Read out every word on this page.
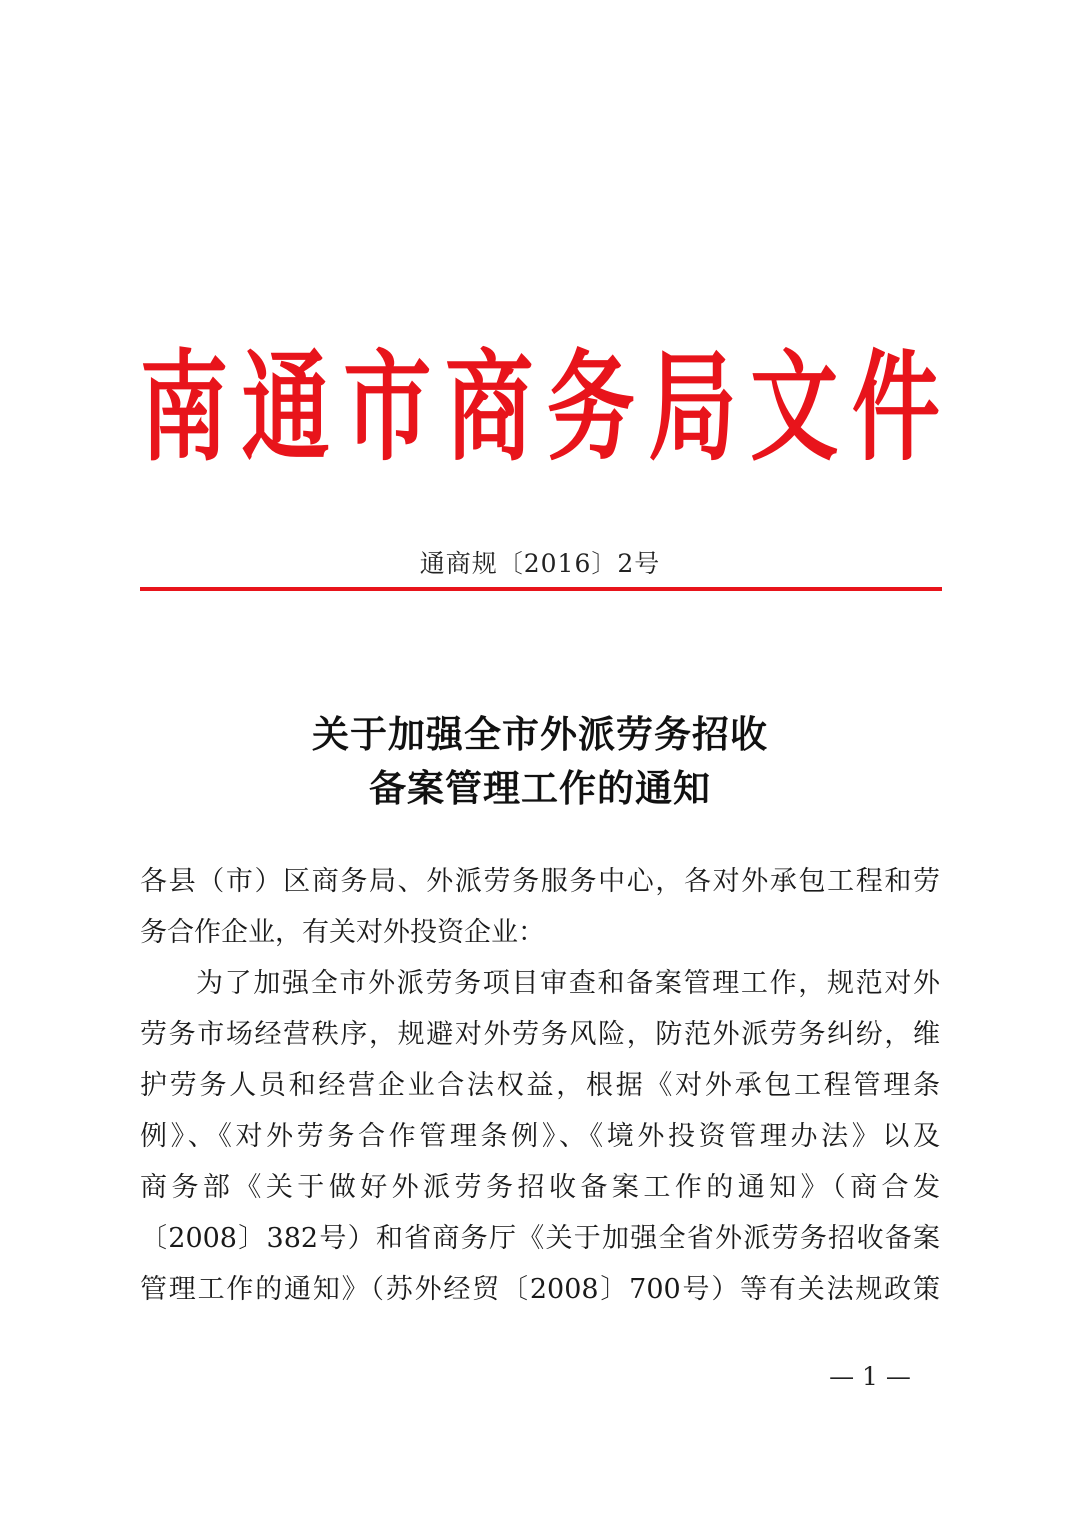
南 通 市 商 务 局 文 件
通商规〔2016〕2号
关于加强全市外派劳务招收
备案管理工作的通知
各县（市）区商务局、外派劳务服务中心，各对外承包工程和劳
务合作企业，有关对外投资企业：
为了加强全市外派劳务项目审查和备案管理工作，规范对外
劳务市场经营秩序，规避对外劳务风险，防范外派劳务纠纷，维
护劳务人员和经营企业合法权益，根据《对外承包工程管理条
例》、《对外劳务合作管理条例》、《境外投资管理办法》以及
商务部《关于做好外派劳务招收备案工作的通知》（商合发
〔2008〕382号）和省商务厅《关于加强全省外派劳务招收备案
管理工作的通知》（苏外经贸〔2008〕700号）等有关法规政策
— 1 —
